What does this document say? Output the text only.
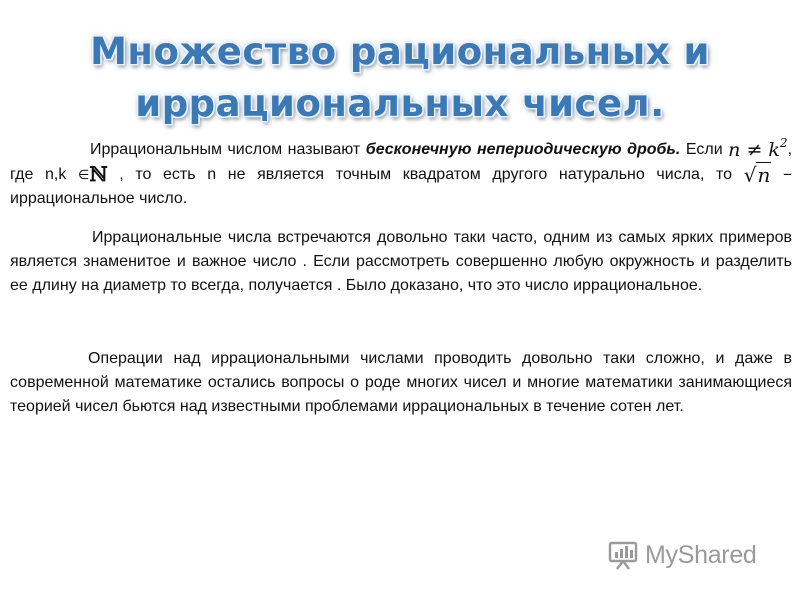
Множество рациональных и
иррациональных чисел.

Иррациональным числом называют бесконечную непериодическую дробь. Если $n \ne k^2$, где n,k ∈ℕ , то есть n не является точным квадратом другого натурально числа, то √n – иррациональное число.

Иррациональные числа встречаются довольно таки часто, одним из самых ярких примеров является знаменитое и важное число . Если рассмотреть совершенно любую окружность и разделить ее длину на диаметр то всегда, получается . Было доказано, что это число иррациональное.

Операции над иррациональными числами проводить довольно таки сложно, и даже в современной математике остались вопросы о роде многих чисел и многие математики занимающиеся теорией чисел бьются над известными проблемами иррациональных в течение сотен лет.

MyShared
